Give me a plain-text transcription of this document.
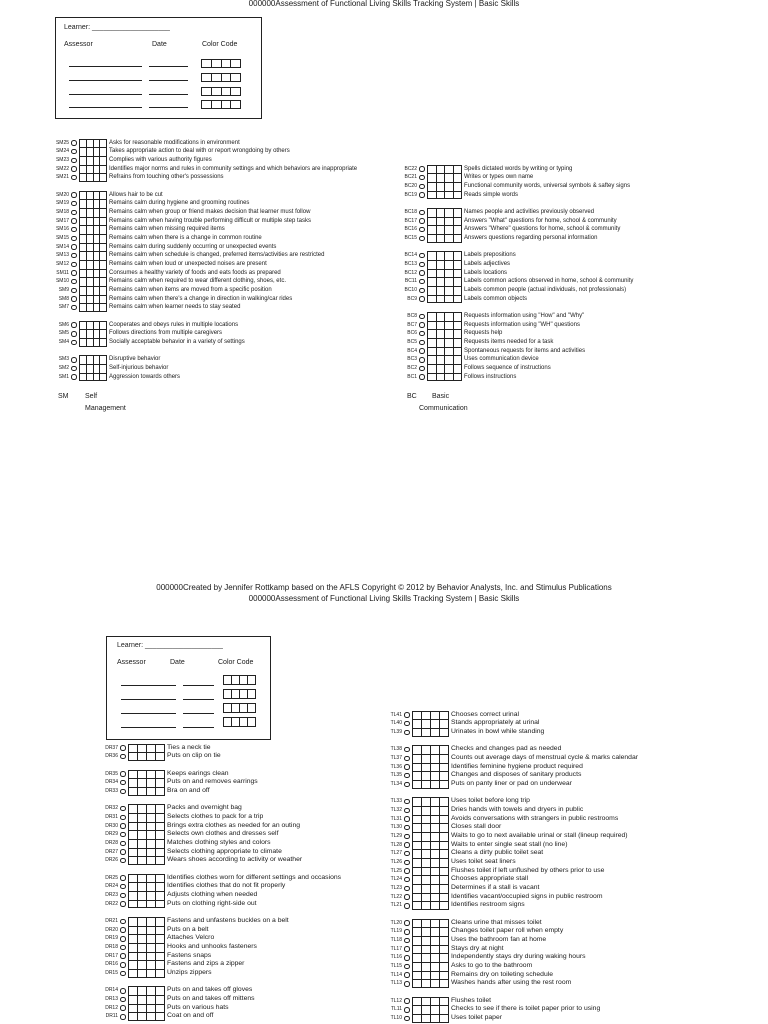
000000Assessment of Functional Living Skills Tracking System | Basic Skills
Learner: ____________________
Assessor	Date	Color Code
SM25	Asks for reasonable modifications in environment
SM24	Takes appropriate action to deal with or report wrongdoing by others
SM23	Complies with various authority figures
SM22	Identifies major norms and rules in community settings and which behaviors are inappropriate
SM21	Refrains from touching other's possessions
SM20	Allows hair to be cut
SM19	Remains calm during hygiene and grooming routines
SM18	Remains calm when group or friend makes decision that learner must follow
SM17	Remains calm when having trouble performing difficult or multiple step tasks
SM16	Remains calm when missing required items
SM15	Remains calm when there is a change in common routine
SM14	Remains calm during suddenly occurring or unexpected events
SM13	Remains calm when schedule is changed, preferred items/activities are restricted
SM12	Remains calm when loud or unexpected noises are present
SM11	Consumes a healthy variety of foods and eats foods as prepared
SM10	Remains calm when required to wear different clothing, shoes, etc.
SM9	Remains calm when items are moved from a specific position
SM8	Remains calm when there's a change in direction in walking/car rides
SM7	Remains calm when learner needs to stay seated
SM6	Cooperates and obeys rules in multiple locations
SM5	Follows directions from multiple caregivers
SM4	Socially acceptable behavior in a variety of settings
SM3	Disruptive behavior
SM2	Self-injurious behavior
SM1	Aggression towards others
BC22	Spells dictated words by writing or typing
BC21	Writes or types own name
BC20	Functional community words, universal symbols & saftey signs
BC19	Reads simple words
BC18	Names people and activities previously observed
BC17	Answers "What" questions for home, school & community
BC16	Answers "Where" questions for home, school & community
BC15	Answers questions regarding personal information
BC14	Labels prepositions
BC13	Labels adjectives
BC12	Labels locations
BC11	Labels common actions observed in home, school & community
BC10	Labels common people (actual individuals, not professionals)
BC9	Labels common objects
BC8	Requests information using "How" and "Why"
BC7	Requests information using "WH" questions
BC6	Requests help
BC5	Requests items needed for a task
BC4	Spontaneous requests for items and activities
BC3	Uses communication device
BC2	Follows sequence of instructions
BC1	Follows instructions
SM Self
Management
BC Basic
Communication
000000Created by Jennifer Rottkamp based on the AFLS Copyright © 2012 by Behavior Analysts, Inc. and Stimulus Publications
000000Assessment of Functional Living Skills Tracking System | Basic Skills
Learner: ____________________
Assessor	Date	Color Code
DR37	Ties a neck tie
DR36	Puts on clip on tie
DR35	Keeps earings clean
DR34	Puts on and removes earrings
DR33	Bra on and off
DR32	Packs and overnight bag
DR31	Selects clothes to pack for a trip
DR30	Brings extra clothes as needed for an outing
DR29	Selects own clothes and dresses self
DR28	Matches clothing styles and colors
DR27	Selects clothing appropriate to climate
DR26	Wears shoes according to activity or weather
DR25	Identifies clothes worn for different settings and occasions
DR24	Identifies clothes that do not fit properly
DR23	Adjusts clothing when needed
DR22	Puts on clothing right-side out
DR21	Fastens and unfastens buckles on a belt
DR20	Puts on a belt
DR19	Attaches Velcro
DR18	Hooks and unhooks fasteners
DR17	Fastens snaps
DR16	Fastens and zips a zipper
DR15	Unzips zippers
DR14	Puts on and takes off gloves
DR13	Puts on and takes off mittens
DR12	Puts on various hats
DR11	Coat on and off
TL41	Chooses correct urinal
TL40	Stands appropriately at urinal
TL39	Urinates in bowl while standing
TL38	Checks and changes pad as needed
TL37	Counts out average days of menstrual cycle & marks calendar
TL36	Identifies feminine hygiene product required
TL35	Changes and disposes of sanitary products
TL34	Puts on panty liner or pad on underwear
TL33	Uses toilet before long trip
TL32	Dries hands with towels and dryers in public
TL31	Avoids conversations with strangers in public restrooms
TL30	Closes stall door
TL29	Waits to go to next available urinal or stall (lineup required)
TL28	Waits to enter single seat stall (no line)
TL27	Cleans a dirty public toilet seat
TL26	Uses toilet seat liners
TL25	Flushes toilet if left unflushed by others prior to use
TL24	Chooses appropriate stall
TL23	Determines if a stall is vacant
TL22	Identifies vacant/occupied signs in public restroom
TL21	Identifies restroom signs
TL20	Cleans urine that misses toilet
TL19	Changes toilet paper roll when empty
TL18	Uses the bathroom fan at home
TL17	Stays dry at night
TL16	Independently stays dry during waking hours
TL15	Asks to go to the bathroom
TL14	Remains dry on toileting schedule
TL13	Washes hands after using the rest room
TL12	Flushes toilet
TL11	Checks to see if there is toilet paper prior to using
TL10	Uses toilet paper
